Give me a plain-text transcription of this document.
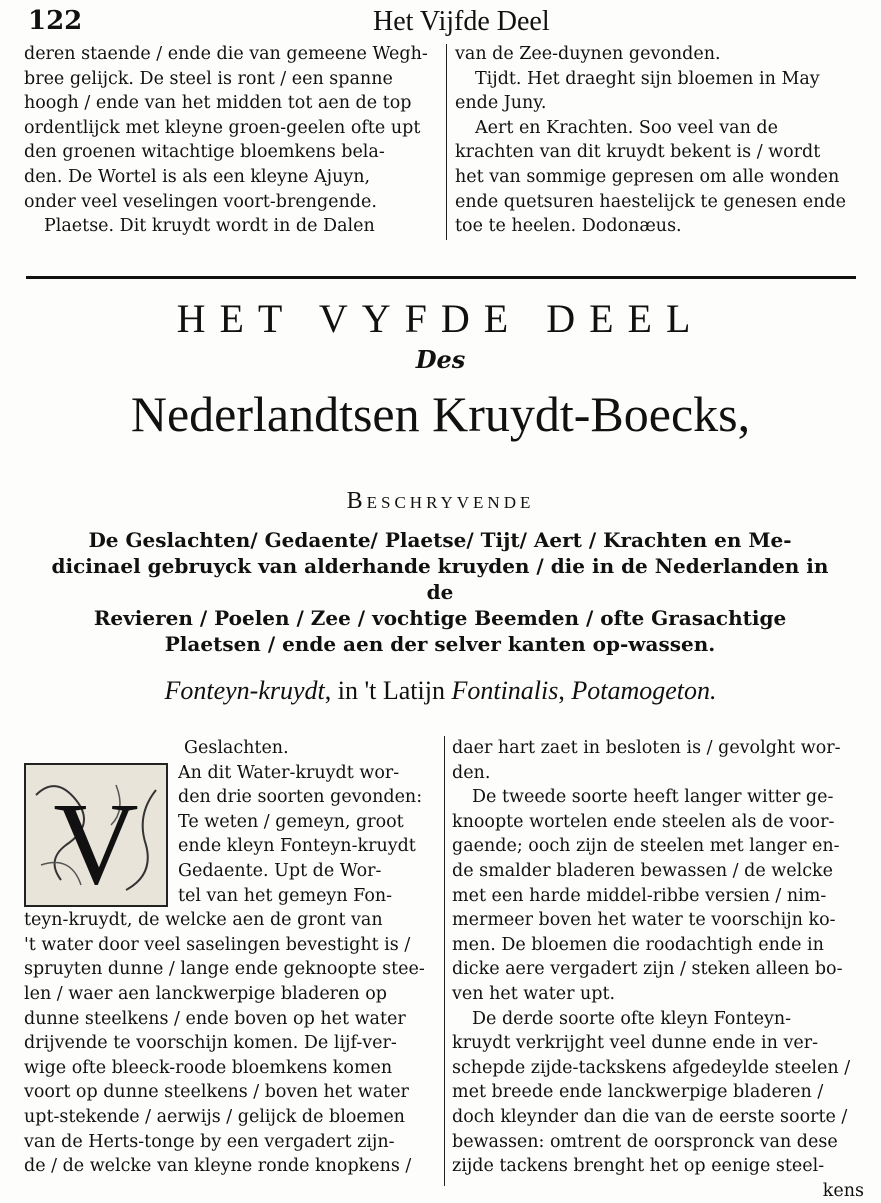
122	Het Vijfde Deel

deren staende / ende die van gemeene Wegh-

bree gelijck. De steel is ront / een spanne

hoogh / ende van het midden tot aen de top

ordentlijck met kleyne groen-geelen ofte upt

den groenen witachtige bloemkens bela-

den. De Wortel is als een kleyne Ajuyn,

onder veel veselingen voort-brengende.

Plaetse. Dit kruydt wordt in de Dalen

van de Zee-duynen gevonden.

Tijdt. Het draeght sijn bloemen in May

ende Juny.

Aert en Krachten. Soo veel van de

krachten van dit kruydt bekent is / wordt

het van sommige gepresen om alle wonden

ende quetsuren haestelijck te genesen ende

toe te heelen. Dodonæus.

HET VYFDE DEEL
Des
Nederlandtsen Kruydt-Boecks,
Beschryvende
De Geslachten/ Gedaente/ Plaetse/ Tijt/ Aert / Krachten en Me-
dicinael gebruyck van alderhande kruyden / die in de Nederlanden in de
Revieren / Poelen / Zee / vochtige Beemden / ofte Grasachtige
Plaetsen / ende aen der selver kanten op-wassen.
Fonteyn-kruydt, in 't Latijn Fontinalis, Potamogeton.

Geslachten.

V

An dit Water-kruydt wor-

den drie soorten gevonden:

Te weten / gemeyn, groot

ende kleyn Fonteyn-kruydt

Gedaente. Upt de Wor-

tel van het gemeyn Fon-

teyn-kruydt, de welcke aen de gront van

't water door veel saselingen bevestight is /

spruyten dunne / lange ende geknoopte stee-

len / waer aen lanckwerpige bladeren op

dunne steelkens / ende boven op het water

drijvende te voorschijn komen. De lijf-ver-

wige ofte bleeck-roode bloemkens komen

voort op dunne steelkens / boven het water

upt-stekende / aerwijs / gelijck de bloemen

van de Herts-tonge by een vergadert zijn-

de / de welcke van kleyne ronde knopkens /

daer hart zaet in besloten is / gevolght wor-

den.

De tweede soorte heeft langer witter ge-

knoopte wortelen ende steelen als de voor-

gaende; ooch zijn de steelen met langer en-

de smalder bladeren bewassen / de welcke

met een harde middel-ribbe versien / nim-

mermeer boven het water te voorschijn ko-

men. De bloemen die roodachtigh ende in

dicke aere vergadert zijn / steken alleen bo-

ven het water upt.

De derde soorte ofte kleyn Fonteyn-

kruydt verkrijght veel dunne ende in ver-

schepde zijde-tackskens afgedeylde steelen /

met breede ende lanckwerpige bladeren /

doch kleynder dan die van de eerste soorte /

bewassen: omtrent de oorspronck van dese

zijde tackens brenght het op eenige steel-

kens
